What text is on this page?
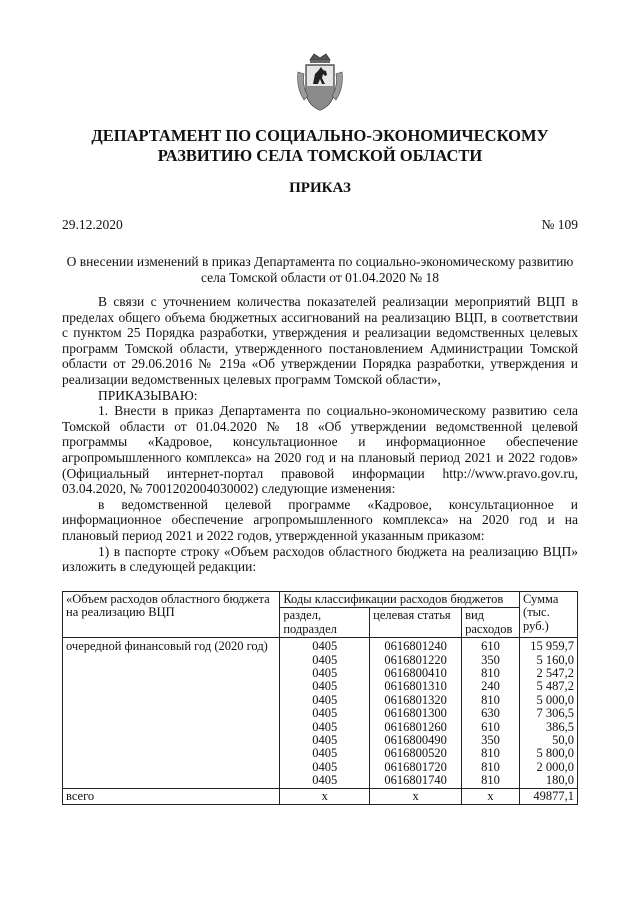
ДЕПАРТАМЕНТ ПО СОЦИАЛЬНО-ЭКОНОМИЧЕСКОМУ РАЗВИТИЮ СЕЛА ТОМСКОЙ ОБЛАСТИ
ПРИКАЗ
29.12.2020	№ 109
О внесении изменений в приказ Департамента по социально-экономическому развитию села Томской области от 01.04.2020 № 18

В связи с уточнением количества показателей реализации мероприятий ВЦП в пределах общего объема бюджетных ассигнований на реализацию ВЦП, в соответствии с пунктом 25 Порядка разработки, утверждения и реализации ведомственных целевых программ Томской области, утвержденного постановлением Администрации Томской области от 29.06.2016 № 219а «Об утверждении Порядка разработки, утверждения и реализации ведомственных целевых программ Томской области»,

ПРИКАЗЫВАЮ:

1. Внести в приказ Департамента по социально-экономическому развитию села Томской области от 01.04.2020 № 18 «Об утверждении ведомственной целевой программы «Кадровое, консультационное и информационное обеспечение агропромышленного комплекса» на 2020 год и на плановый период 2021 и 2022 годов» (Официальный интернет-портал правовой информации http://www.pravo.gov.ru, 03.04.2020, № 7001202004030002) следующие изменения:

в ведомственной целевой программе «Кадровое, консультационное и информационное обеспечение агропромышленного комплекса» на 2020 год и на плановый период 2021 и 2022 годов, утвержденной указанным приказом:

1) в паспорте строку «Объем расходов областного бюджета на реализацию ВЦП» изложить в следующей редакции:

«Объем расходов областного бюджета на реализацию ВЦП	Коды классификации расходов бюджетов			Сумма (тыс. руб.)
	раздел, подраздел	целевая статья	вид расходов	
очередной финансовый год (2020 год)	0405	0616801240	610	15 959,7
	0405	0616801220	350	5 160,0
	0405	0616800410	810	2 547,2
	0405	0616801310	240	5 487,2
	0405	0616801320	810	5 000,0
	0405	0616801300	630	7 306,5
	0405	0616801260	610	386,5
	0405	0616800490	350	50,0
	0405	0616800520	810	5 800,0
	0405	0616801720	810	2 000,0
	0405	0616801740	810	180,0
всего	x	x	x	49877,1
